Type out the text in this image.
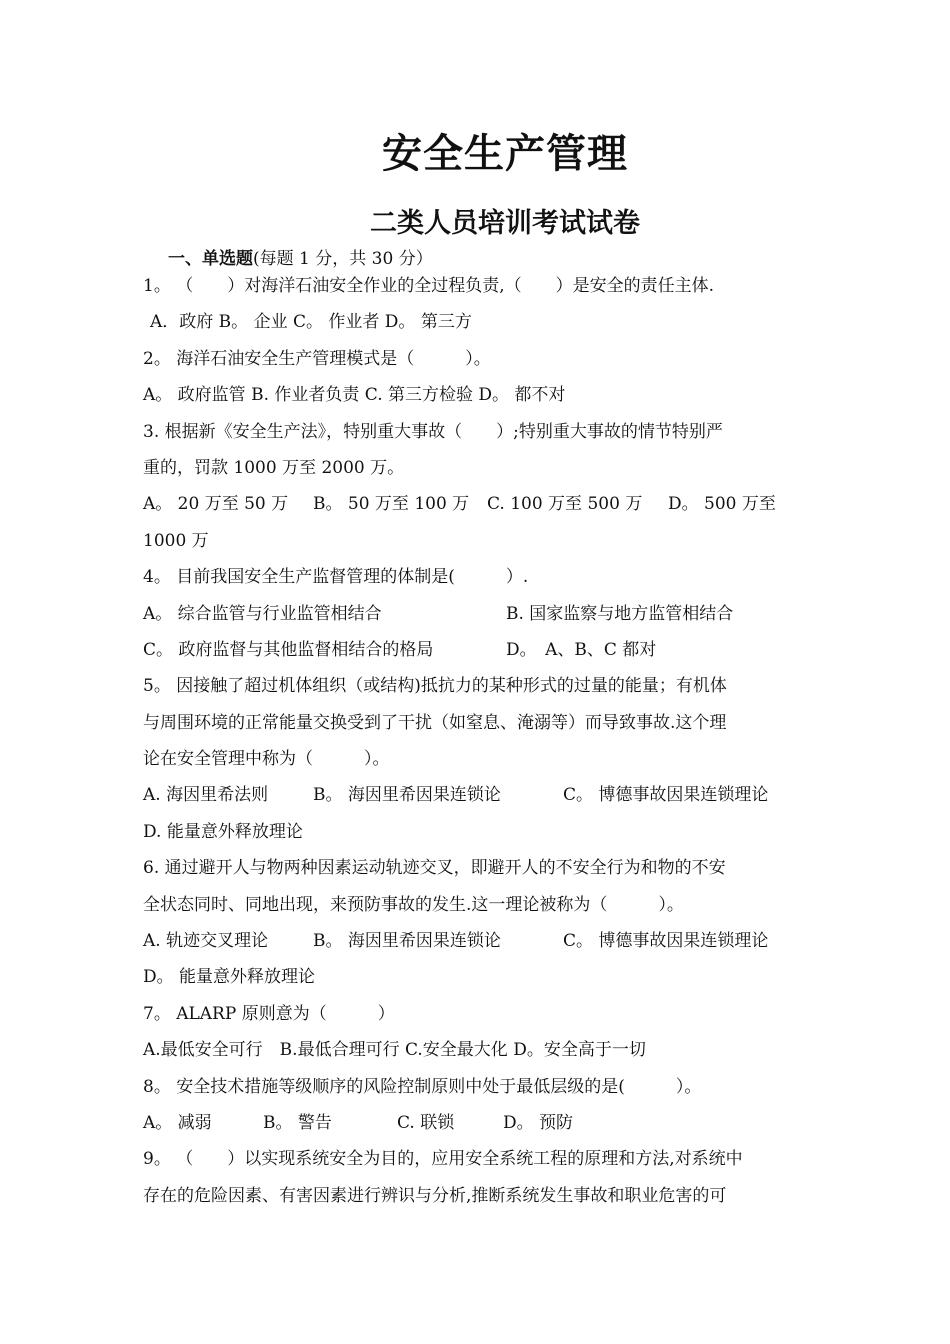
安全生产管理
二类人员培训考试试卷
一、单选题(每题 1 分，共 30 分）
1。 （　　）对海洋石油安全作业的全过程负责,（　　）是安全的责任主体.
A．政府 B。 企业 C。 作业者 D。 第三方
2。 海洋石油安全生产管理模式是（　　　）。
A。 政府监管 B. 作业者负责 C. 第三方检验 D。 都不对
3. 根据新《安全生产法》，特别重大事故（　　）;特别重大事故的情节特别严
重的，罚款 1000 万至 2000 万。
A。 20 万至 50 万	B。 50 万至 100 万	C. 100 万至 500 万	D。 500 万至
1000 万
4。 目前我国安全生产监督管理的体制是(　　　）.
A。 综合监管与行业监管相结合	B. 国家监察与地方监管相结合
C。 政府监督与其他监督相结合的格局	D。　A、B、C 都对
5。 因接触了超过机体组织（或结构)抵抗力的某种形式的过量的能量；有机体
与周围环境的正常能量交换受到了干扰（如窒息、淹溺等）而导致事故.这个理
论在安全管理中称为（　　　）。
A. 海因里希法则	B。 海因里希因果连锁论	C。 博德事故因果连锁理论
D. 能量意外释放理论
6. 通过避开人与物两种因素运动轨迹交叉，即避开人的不安全行为和物的不安
全状态同时、同地出现，来预防事故的发生.这一理论被称为（　　　）。
A. 轨迹交叉理论	B。 海因里希因果连锁论	C。 博德事故因果连锁理论
D。 能量意外释放理论
7。 ALARP 原则意为（　　　）
A.最低安全可行　B.最低合理可行 C.安全最大化 D。安全高于一切
8。 安全技术措施等级顺序的风险控制原则中处于最低层级的是(　　　）。
A。 减弱	B。 警告	C. 联锁	D。 预防
9。 （　　）以实现系统安全为目的，应用安全系统工程的原理和方法,对系统中
存在的危险因素、有害因素进行辨识与分析,推断系统发生事故和职业危害的可
